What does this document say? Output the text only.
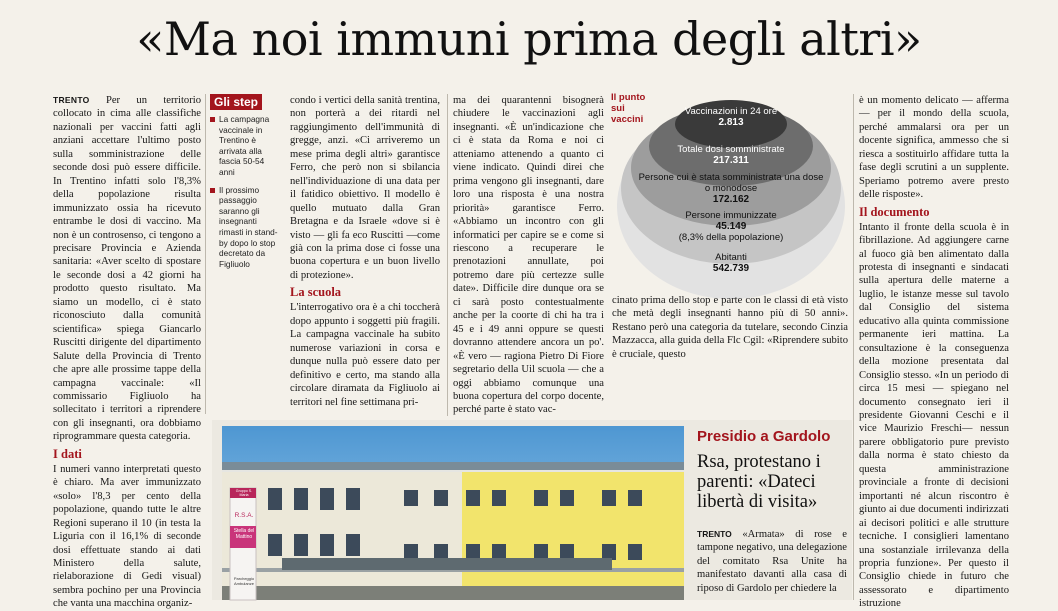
«Ma noi immuni prima degli altri»

TRENTO Per un territorio collocato in cima alle classifiche nazionali per vaccini fatti agli anziani accettare l'ultimo posto sulla somministrazione delle seconde dosi può essere difficile. In Trentino infatti solo l'8,3% della popolazione risulta immunizzato ossia ha ricevuto entrambe le dosi di vaccino. Ma non è un controsenso, ci tengono a precisare Provincia e Azienda sanitaria: «Aver scelto di spostare le seconde dosi a 42 giorni ha prodotto questo risultato. Ma siamo un modello, ci è stato riconosciuto dalla comunità scientifica» spiega Giancarlo Ruscitti dirigente del dipartimento Salute della Provincia di Trento che apre alle prossime tappe della campagna vaccinale: «Il commissario Figliuolo ha sollecitato i territori a riprendere con gli insegnanti, ora dobbiamo riprogrammare questa categoria.

I dati

I numeri vanno interpretati questo è chiaro. Ma aver immunizzato «solo» l'8,3 per cento della popolazione, quando tutte le altre Regioni superano il 10 (in testa la Liguria con il 16,1% di seconde dosi effettuate stando ai dati Ministero della salute, rielaborazione di Gedi visual) sembra pochino per una Provincia che vanta una macchina organiz-

Gli step
La campagna vaccinale in Trentino è arrivata alla fascia 50-54 anni
Il prossimo passaggio saranno gli insegnanti rimasti in stand-by dopo lo stop decretato da Figliuolo

condo i vertici della sanità trentina, non porterà a dei ritardi nel raggiungimento dell'immunità di gregge, anzi. «Ci arriveremo un mese prima degli altri» garantisce Ferro, che però non si sbilancia nell'individuazione di una data per il fatidico obiettivo. Il modello è quello mutuato dalla Gran Bretagna e da Israele «dove si è visto — gli fa eco Ruscitti —come già con la prima dose ci fosse una buona copertura e un buon livello di protezione».

La scuola

L'interrogativo ora è a chi toccherà dopo appunto i soggetti più fragili. La campagna vaccinale ha subito numerose variazioni in corsa e dunque nulla può essere dato per definitivo e certo, ma stando alla circolare diramata da Figliuolo ai territori nel fine settimana pri-

ma dei quarantenni bisognerà chiudere le vaccinazioni agli insegnanti. «È un'indicazione che ci è stata da Roma e noi ci atteniamo attenendo a quanto ci viene indicato. Quindi direi che prima vengono gli insegnanti, dare loro una risposta è una nostra priorità» garantisce Ferro. «Abbiamo un incontro con gli informatici per capire se e come si riescono a recuperare le prenotazioni annullate, poi potremo dare più certezze sulle date». Difficile dire dunque ora se ci sarà posto contestualmente anche per la coorte di chi ha tra i 45 e i 49 anni oppure se questi dovranno attendere ancora un po'. «È vero — ragiona Pietro Di Fiore segretario della Uil scuola — che a oggi abbiamo comunque una buona copertura del corpo docente, perché parte è stato vac-

Il punto sui vaccini
Vaccinazioni in 24 ore
2.813
Totale dosi somministrate
217.311
Persone cui è stata somministrata una dose o monodose
172.162
Persone immunizzate
45.149
(8,3% della popolazione)
Abitanti
542.739

cinato prima dello stop e parte con le classi di età visto che metà degli insegnanti hanno più di 50 anni». Restano però una categoria da tutelare, secondo Cinzia Mazzacca, alla guida della Flc Cgil: «Riprendere subito è cruciale, questo

è un momento delicato — afferma — per il mondo della scuola, perché ammalarsi ora per un docente significa, ammesso che si riesca a sostituirlo affidare tutta la fase degli scrutini a un supplente. Speriamo potremo avere presto delle risposte».

Il documento

Intanto il fronte della scuola è in fibrillazione. Ad aggiungere carne al fuoco già ben alimentato dalla protesta di insegnanti e sindacati sulla apertura delle materne a luglio, le istanze messe sul tavolo dal Consiglio del sistema educativo alla quinta commissione permanente ieri mattina. La consultazione è la conseguenza della mozione presentata dal Consiglio stesso. «In un periodo di circa 15 mesi — spiegano nel documento consegnato ieri il presidente Giovanni Ceschi e il vice Maurizio Freschi— nessun parere obbligatorio pure previsto dalla norma è stato chiesto da questa amministrazione provinciale a fronte di decisioni importanti né alcun riscontro è giunto ai due documenti indirizzati ai decisori politici e alle strutture tecniche. I consiglieri lamentano una sostanziale irrilevanza della propria funzione». Per questo il Consiglio chiede in futuro che assessorato e dipartimento istruzione

Gruppo S. Maria
R.S.A.
Stella del Mattino
Parcheggio Ambulanze
Presidio a Gardolo
Rsa, protestano i parenti: «Dateci libertà di visita»
TRENTO «Armata» di rose e tampone negativo, una delegazione del comitato Rsa Unite ha manifestato davanti alla casa di riposo di Gardolo per chiedere la
